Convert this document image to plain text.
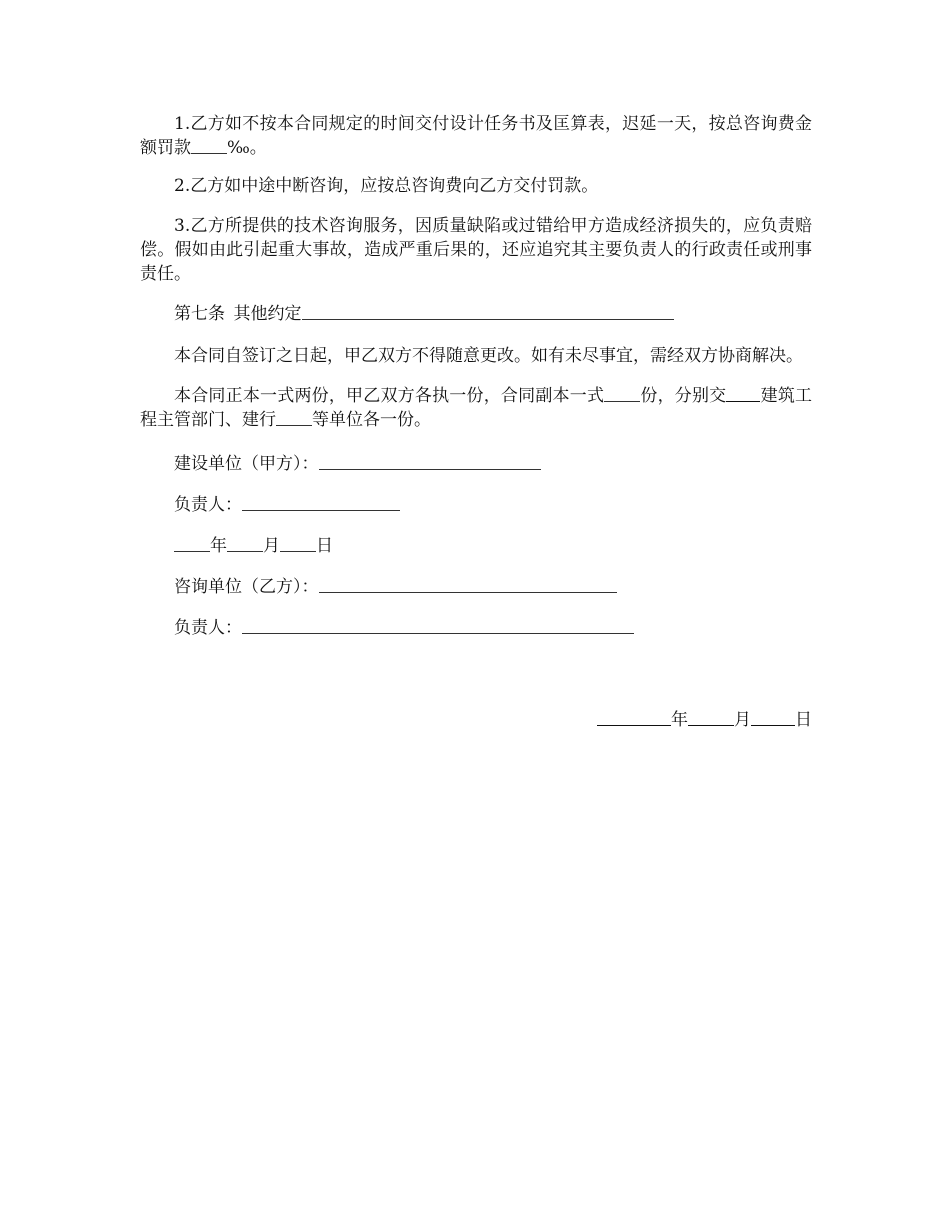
1.乙方如不按本合同规定的时间交付设计任务书及匡算表，迟延一天，按总咨询费金额罚款 ‰。

2.乙方如中途中断咨询，应按总咨询费向乙方交付罚款。

3.乙方所提供的技术咨询服务，因质量缺陷或过错给甲方造成经济损失的，应负责赔偿。假如由此引起重大事故，造成严重后果的，还应追究其主要负责人的行政责任或刑事责任。

第七条  其他约定

本合同自签订之日起，甲乙双方不得随意更改。如有未尽事宜，需经双方协商解决。

本合同正本一式两份，甲乙双方各执一份，合同副本一式 份，分别交 建筑工程主管部门、建行 等单位各一份。

建设单位（甲方）：
负责人：
年 月 日
咨询单位（乙方）：
负责人：
年	月	日
